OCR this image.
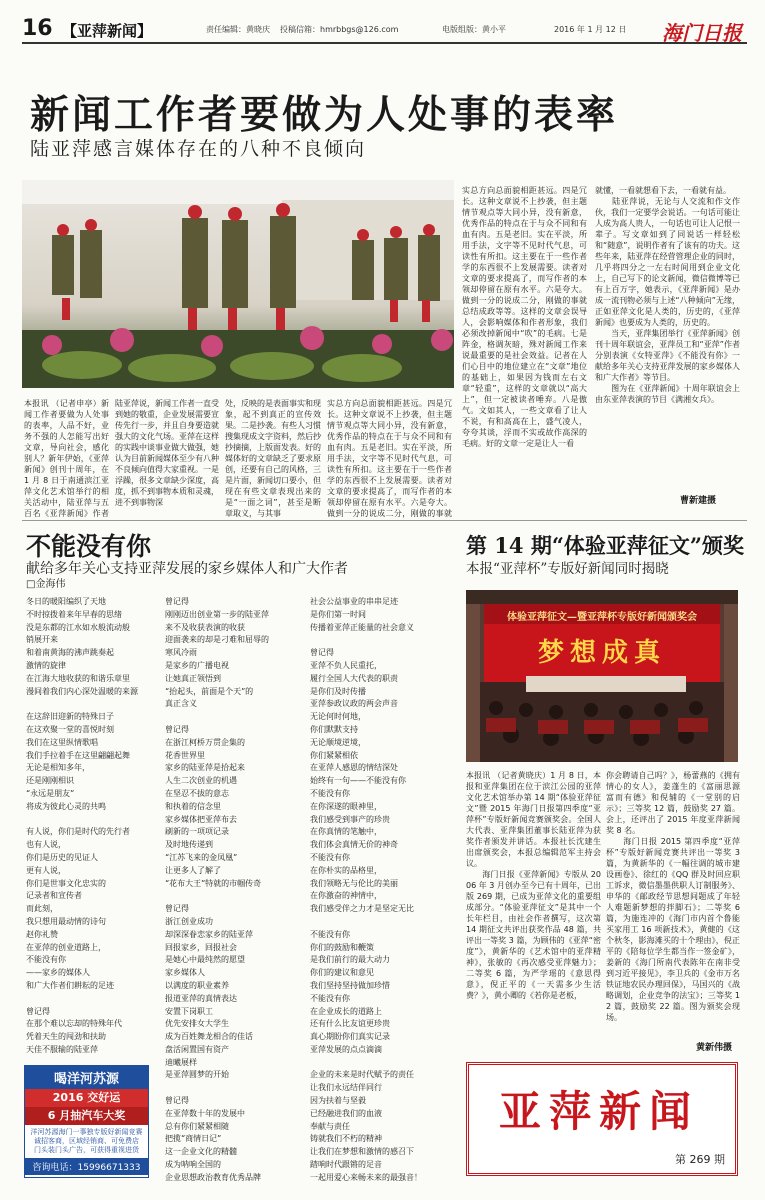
16 【亚萍新闻】	责任编辑：黄晓庆 投稿信箱：hmrbbgs@126.com	电版组版：黄小平	2016 年 1 月 12 日 海门日报
新闻工作者要做为人处事的表率
陆亚萍感言媒体存在的八种不良倾向
本报讯 （记者申亭）新闻工作者要做为人处事的表率，人品不好，业务不强的人怎能写出好文章，导向社会，感化别人？新年伊始，《亚萍新闻》创刊十周年，在 1 月 8 日于南通滨江亚萍文化艺术馆举行的相关活动中，陆亚萍与五百名《亚萍新闻》作者
陆亚萍说，新闻工作者一直受到她的敬重，企业发展需要宣传先行一步，并且自身要造就强大的文化气场。亚萍在这样的实践中谈事业做大做强，她认为目前新闻媒体至少有八种不良倾向值得大家重视。一是浮躁，很多文章缺少深度，高度，抓不到事物本质和灵魂，进不到事物深
处，反映的是表面事实和现象，起不到真正的宣传效果。二是抄袭。有些人习惯搜集现成文字资料，然后抄抄摘摘，上版面发表。好的媒体好的文章缺乏了要求原创，还要有自己的风格，三是片面，新闻切口要小，但现在有些文章表现出来的是“一面之词”，甚至是断章取义，与其事
实总方向总面貌相距甚远。四是冗长。这种文章说不上抄袭，但主题情节观点等大同小异，没有新意，优秀作品的特点在于与众不同和有血有肉。五是老旧。实在平淡，所用手法，文字等不见时代气息，可读性有所扣。这主要在于一些作者学的东西很不上发展需要。读者对文章的要求提高了，而写作者的本领却停留在原有水平。六是夸大。做到一分的说成二分，刚做的事就
实总方向总面貌相距甚远。四是冗长。这种文章说不上抄袭，但主题情节观点等大同小异，没有新意，优秀作品的特点在于与众不同和有血有肉。五是老旧。实在平淡，所用手法，文字等不见时代气息，可读性有所扣。这主要在于一些作者学的东西很不上发展需要。读者对文章的要求提高了，而写作者的本领却停留在原有水平。六是夸大。做到一分的说成二分，刚做的事就总结成政等等。这样的文章会误导人，会影响媒体和作者形象，我们必须改掉新闻中“吹”的毛病。七是阵金，格调灰暗，殊对新闻工作来说最重要的是社会效益。记者在人们心目中的地位建立在“文章”地位的基础上，如果因为钱而左右文章“轻重”，这样的文章就以“高大上”，但一定被读者唾弃。八是傲气。文如其人，一些文章看了让人不说，有和高高在上，盛气凌人，夸夸其谈，浮而不实或故作高深的毛病。好的文章一定是让人一看
就懂，一看就想看下去，一看就有益。
　　陆亚萍说，无论与人交流和作文作伙，我们一定要学会说话。一句话可能让人成为高人贵人，一句话也可让人记恨一辈子。写文章如到了同说话一样轻松和“随意”，说明作者有了该有的功夫。这些年来，陆亚萍在经营管理企业的同时，几乎将四分之一左右时间用到企业文化上，自己写下的论文新闻，微信微博等已有上百万字，她表示，《亚萍新闻》是办成一流刊物必须与上述“八种倾向”无缘，正如亚萍文化是人类的，历史的，《亚萍新闻》也要成为人类的，历史的。
　　当天，亚萍集团举行《亚萍新闻》创刊十周年联谊会，亚萍员工和“亚萍”作者分别表演《女特亚萍》《不能没有你》一献给多年关心支持亚萍发展的家乡媒体人和广大作者》等节目。
　　图为在《亚萍新闻》十周年联谊会上由东亚萍表演的节目《满湘女兵》。
曹新建摄
不能没有你
献给多年关心支持亚萍发展的家乡媒体人和广大作者
□金海伟
冬日的暖阳编织了天地
不时掠拨着来年早春的思绪
没是东都的江水如水般流动般
销展开来
和着南黄海的沸声跳奏起
激情的旋律
在江海大地收获的和谐乐章里
漫间着我们内心深处温暖的来源

在这辞旧迎新的特殊日子
在这欢聚一堂的喜悦时刻
我们在这里纵情歌唱
我们手拉着手在这里翩翩起舞
无论是相知多年，
还是刚刚相识
“永远是朋友”
将成为彼此心灵的共鸣

有人说，你们是时代的先行者
也有人说，
你们是历史的见证人
更有人说，
你们是世事文化忠实的
记录者和宣传者
而此刻，
我只想用最动情的诗句
赵你礼赞
在亚萍的创业道路上，
不能没有你
——家乡的媒体人
和广大作者们耕耘的足迹

曾记得
在那个难以忘却的特殊年代
凭着天生的闯劲和扶助
天佳不服输的陆亚萍

曾记得
刚刚迈出创业第一步的陆亚萍
来不及收获表演的收获
迎面袭来的却是刁难和屈辱的
寒风冷雨
是家乡的广播电视
让她真正领悟到
“抬起头，前面是个天”的
真正含义

曾记得
在浙江柯桥万贯企集的
花香世界里
家乡的陆亚萍是拾起来
人生二次创业的机遇
在坚忍不拔的意志
和执着的信念里
家乡媒体把亚萍布去
刷新的一项项记录
及时地传递到
“江苏飞来的金凤凰”
让更多人了解了
“花布大王”特就的市帼传奇

曾记得
浙江创业成功
却深深眷恋家乡的陆亚萍
回报家乡，回报社会
是她心中最纯然的愿望
家乡媒体人
以满度的职业素养
报道亚萍的真情表达
安置下岗职工
优先安排女大学生
成为百姓舞龙相合的佳话
盘活闲置国有资产
迪曦展样
是亚萍圆梦的开始

曾记得
在亚萍数十年的发展中
总有你们紧紧相随
把揽“商情日记”
这一企业文化的精髓
成为呐响全国的
企业思想政治教育优秀品牌

社会公益事业的串串足迹
是你们第一时间
传播着亚萍正能量的社会意义

曾记得
亚萍不负人民重托，
履行全国人大代表的职责
是你们及时传播
亚萍参政议政的两会声音
无论何时何地，
你们默默支持
无论顺境逆境，
你们紧紧相依
在亚萍人感恩的情结深处
始终有一句——不能没有你
不能没有你
在你深遂的眼神里，
我们感受到事产的珍贵
在你真情的笔触中，
我们体会真情无价的神奇
不能没有你
在你朴实的品格里，
我们领略无与伦比的美丽
在你激奋的神情中，
我们感受伴之力才是坚定无比

不能没有你
你们的鼓励和鞭策
是我们前行的最大动力
你们的建议和意见
我们坚持坚持做加珍惜
不能没有你
在企业成长的道路上
还有什么比友谊更珍贵
真心期盼你们真实记录
亚萍发展的点点滴滴

企业的未来是时代赋予的责任
让我们永远结伴同行
因为扶着与坚毅
已经融进我们的血液
奉献与责任
铸就我们不朽的精神
让我们在梦想和激情的感召下
踏响时代跟锵的足音
一起用爱心来畅未来的最强音！

喝洋河苏源
2016 交好运
6 月抽汽车大奖
洋河苏源海门一事独专版好新闻竞赛
诚招客商，区域经销商、可免费店
门头装门头广告，可获得重视进货
咨询电话：15996671333
第 14 期“体验亚萍征文”颁奖
本报“亚萍杯”专版好新闻同时揭晓
体验亚萍征文—暨亚萍杯专版好新闻颁奖会
梦想成真
本报讯 （记者黄晓庆）1 月 8 日，本报和亚萍集团在位于滨江公园的亚萍文化艺术馆举办第 14 期“体验亚萍征文”暨 2015 年海门日报第四季度“亚萍杯”专版好新闻竞赛颁奖会。全国人大代表、亚萍集团董事长陆亚萍为获奖作者颁发并讲话。本报社长沈建生出席颁奖会，本报总编辑范军主持会议。
　　海门日报《亚萍新闻》专版从 2006 年 3 月创办至今已有十周年，已出版 269 期，已成为亚萍文化的重要组成部分。“体验亚萍征文”是其中一个长年栏目，由社会作者撰写，这次第 14 期征文共评出获奖作品 48 篇，共评出一等奖 3 篇，为顾伟的《亚萍“密度”》，黄新华的《艺术馆中的亚萍精神》，张敏的《再次感受亚萍魅力》；二等奖 6 篇，为严学瑶的《意思得意》，倪正平的《一天需多少生活费？》，黄小卿的《若你是老板，
你会聘请自己吗？》，杨蕾燕的《拥有情心的女人》，姜蓬生的《富丽思源 富而有德》和倪辅的《一堂别的启示》；三等奖 12 篇，鼓励奖 27 篇。会上，还评出了 2015 年度亚萍新闻奖 8 名。
　　海门日报 2015 第四季度“亚萍杯”专版好新闻竞赛共评出一等奖 3 篇，为黄新华的《一幅往调的城市建设画卷》、徐红的《QQ 群及时回应职工诉求，微信墨墨供职人订制服务》、申华的《邮政经节思想间题成了年轻人难题新梦想的拌脚石》；二等奖 6 篇，为施连冲的《海门市内首个鲁能买家用工 16 项新技术》，黄健的《这个秋冬，影海滩买的十个理由》，倪正平的《陪每位学生都当作一签金矿》，姜新的《海门所南代表陈年在南非受到习近平接见》，李卫兵的《金市万名铁证地农民办理回保》，马国兴的《战略调划，企业竞争的法宝》；三等奖 12 篇，鼓励奖 22 篇。图为颁奖会现场。
黄新伟摄
亚萍新闻
第 269 期
